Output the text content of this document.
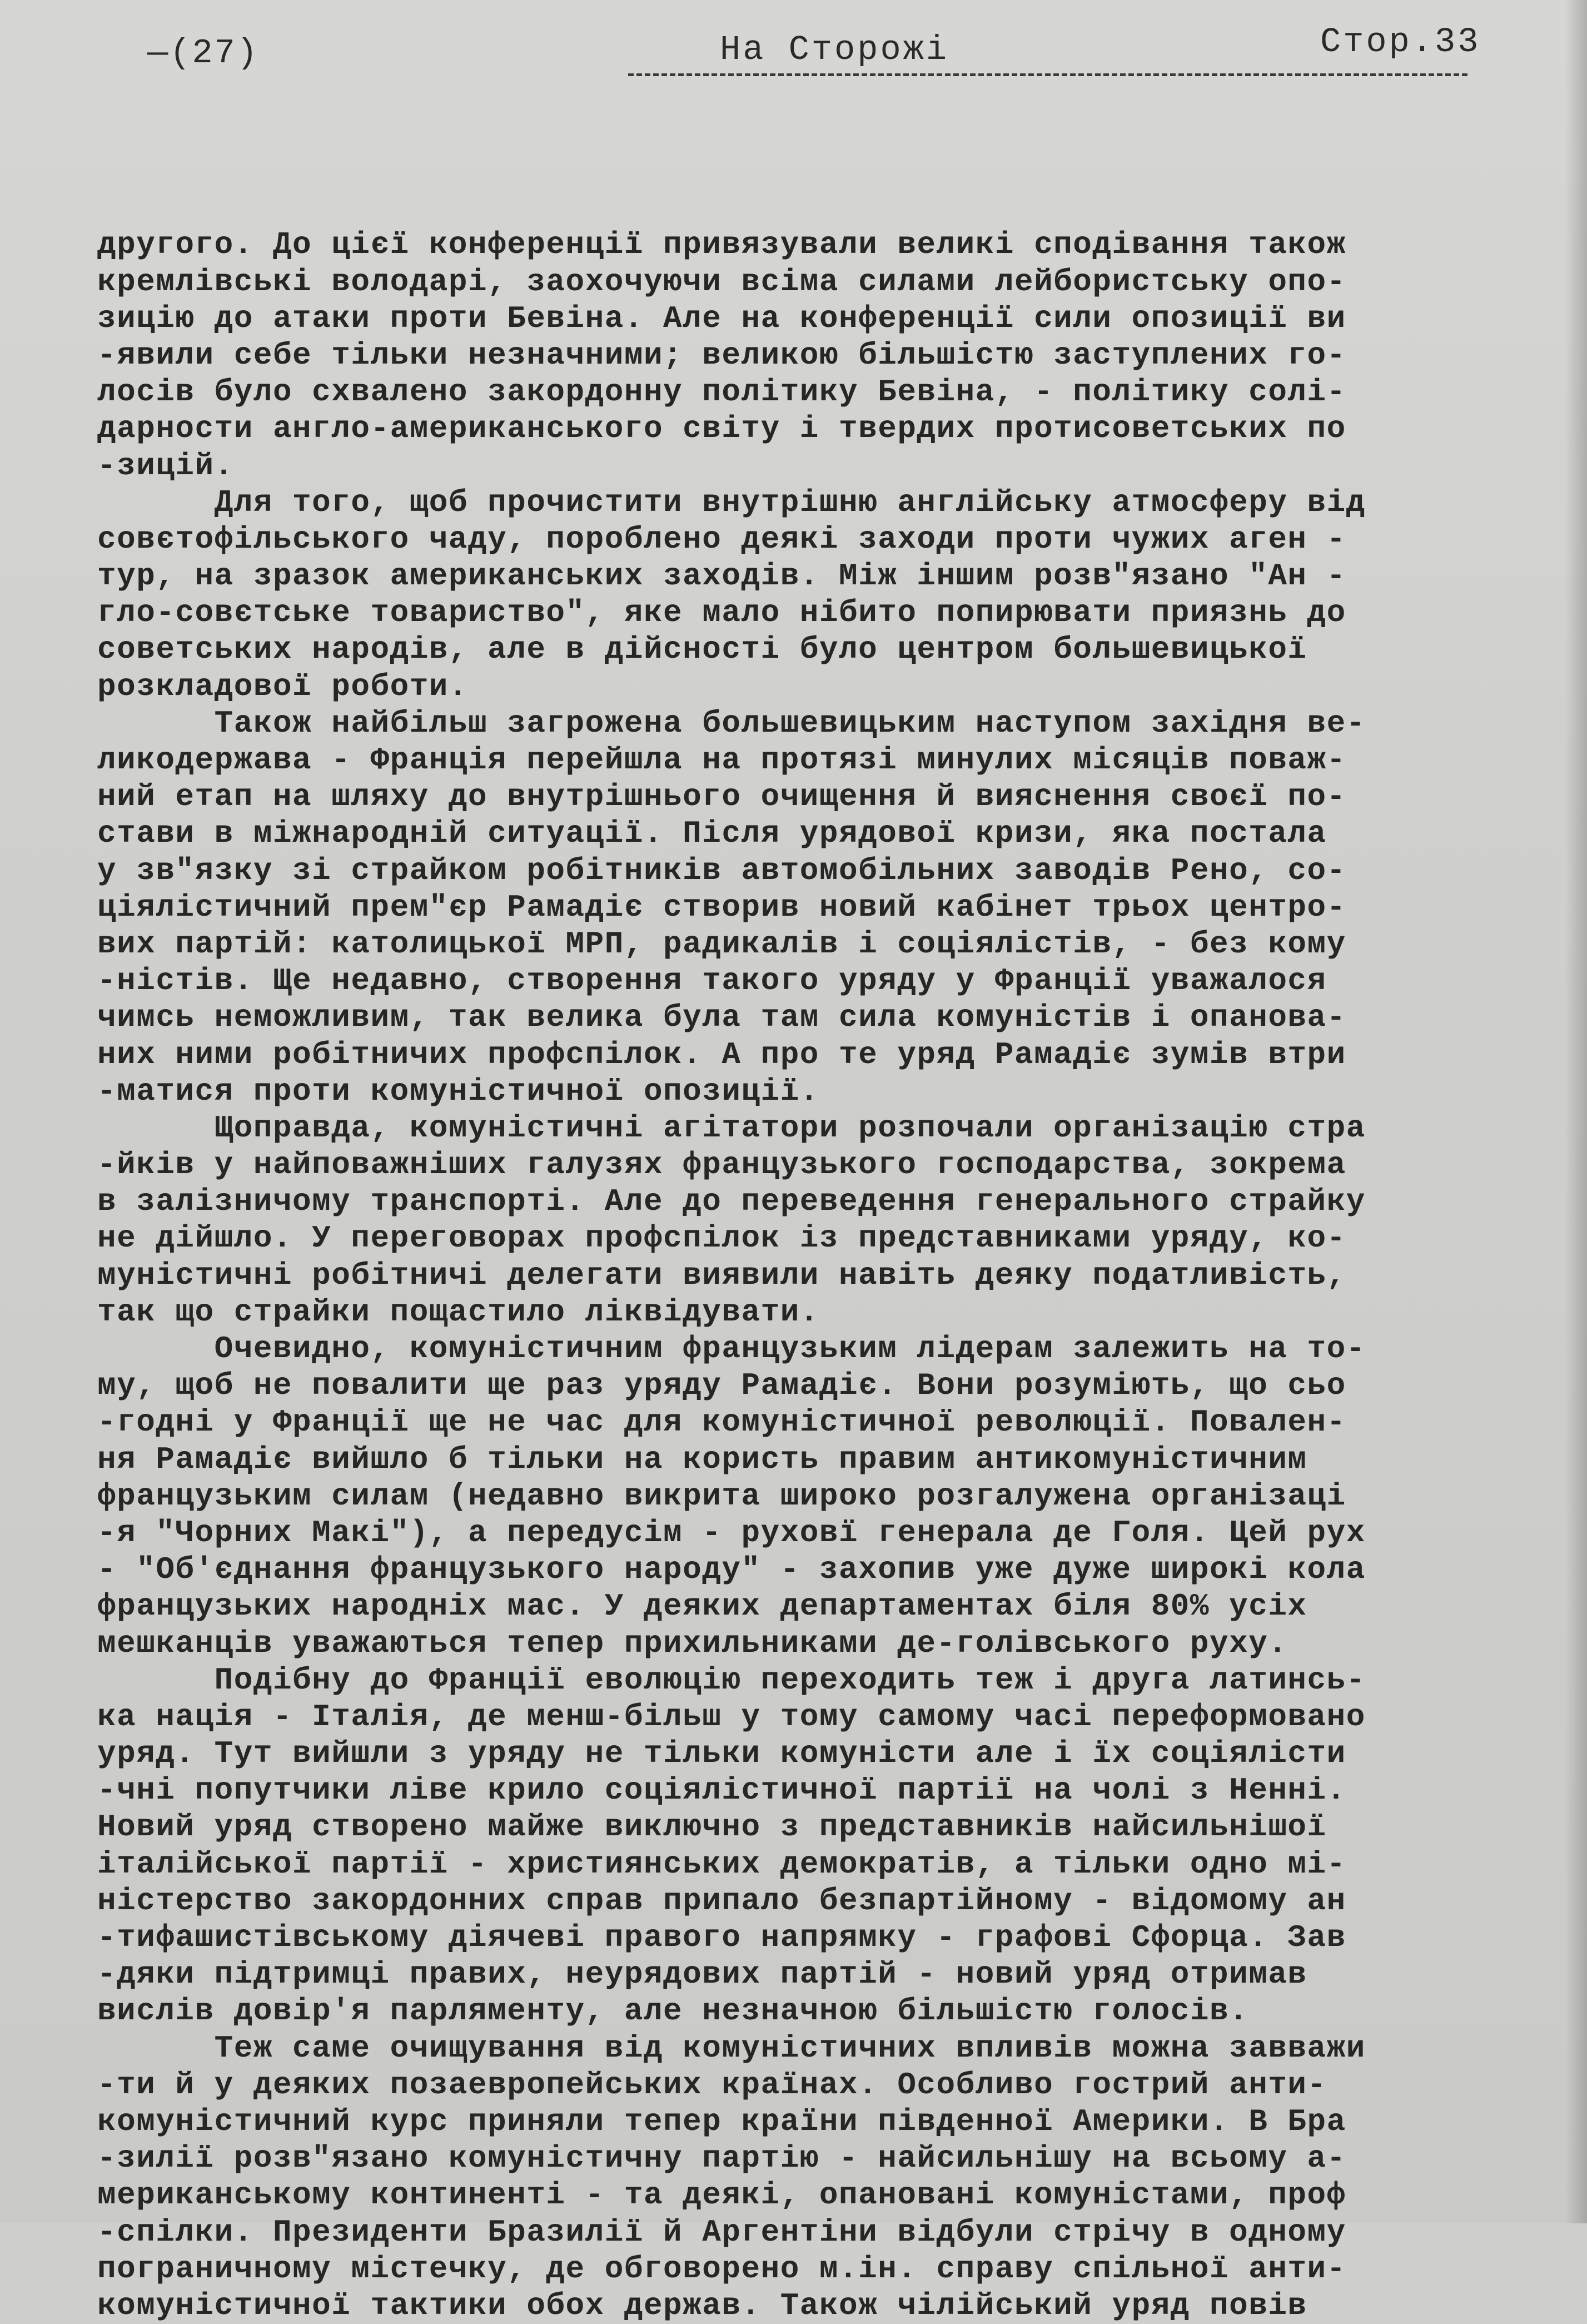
—(27)	На Сторожі	Стор.33

другого. До цієї конференції привязували великі сподівання також
кремлівські володарі, заохочуючи всіма силами лейбористську опо-
зицію до атаки проти Бевіна. Але на конференції сили опозиції ви
-явили себе тільки незначними; великою більшістю заступлених го-
лосів було схвалено закордонну політику Бевіна, - політику солі-
дарности англо-американського світу і твердих протисоветських по
-зицій.
Для того, щоб прочистити внутрішню англійську атмосферу від
совєтофільського чаду, пороблено деякі заходи проти чужих аген -
тур, на зразок американських заходів. Між іншим розв"язано "Ан -
гло-совєтське товариство", яке мало нібито попирювати приязнь до
советських народів, але в дійсності було центром большевицької
розкладової роботи.
Також найбільш загрожена большевицьким наступом західня ве-
ликодержава - Франція перейшла на протязі минулих місяців поваж-
ний етап на шляху до внутрішнього очищення й вияснення своєї по-
стави в міжнародній ситуації. Після урядової кризи, яка постала
у зв"язку зі страйком робітників автомобільних заводів Рено, со-
ціялістичний прем"єр Рамадіє створив новий кабінет трьох центро-
вих партій: католицької МРП, радикалів і соціялістів, - без кому
-ністів. Ще недавно, створення такого уряду у Франції уважалося
чимсь неможливим, так велика була там сила комуністів і опанова-
них ними робітничих профспілок. А про те уряд Рамадіє зумів втри
-матися проти комуністичної опозиції.
Щоправда, комуністичні агітатори розпочали організацію стра
-йків у найповажніших галузях французького господарства, зокрема
в залізничому транспорті. Але до переведення генерального страйку
не дійшло. У переговорах профспілок із представниками уряду, ко-
муністичні робітничі делегати виявили навіть деяку податливість,
так що страйки пощастило ліквідувати.
Очевидно, комуністичним французьким лідерам залежить на то-
му, щоб не повалити ще раз уряду Рамадіє. Вони розуміють, що сьо
-годні у Франції ще не час для комуністичної революції. Повален-
ня Рамадіє вийшло б тільки на користь правим антикомуністичним
французьким силам (недавно викрита широко розгалужена організаці
-я "Чорних Макі"), а передусім - руховї генерала де Голя. Цей рух
- "Об'єднання французького народу" - захопив уже дуже широкі кола
французьких народніх мас. У деяких департаментах біля 80% усіх
мешканців уважаються тепер прихильниками де-голівського руху.
Подібну до Франції еволюцію переходить теж і друга латинсь-
ка нація - Італія, де менш-більш у тому самому часі переформовано
уряд. Тут вийшли з уряду не тільки комуністи але і їх соціялісти
-чні попутчики ліве крило соціялістичної партії на чолі з Ненні.
Новий уряд створено майже виключно з представників найсильнішої
італійської партії - християнських демократів, а тільки одно мі-
ністерство закордонних справ припало безпартійному - відомому ан
-тифашистівському діячеві правого напрямку - графові Сфорца. Зав
-дяки підтримці правих, неурядових партій - новий уряд отримав
вислів довір'я парляменту, але незначною більшістю голосів.
Теж саме очищування від комуністичних впливів можна завважи
-ти й у деяких позаевропейських країнах. Особливо гострий анти-
комуністичний курс приняли тепер країни південної Америки. В Бра
-зилії розв"язано комуністичну партію - найсильнішу на всьому а-
мериканському континенті - та деякі, опановані комуністами, проф
-спілки. Президенти Бразилії й Аргентіни відбули стрічу в одному
пограничному містечку, де обговорено м.ін. справу спільної анти-
комуністичної тактики обох держав. Також чілійський уряд повів
